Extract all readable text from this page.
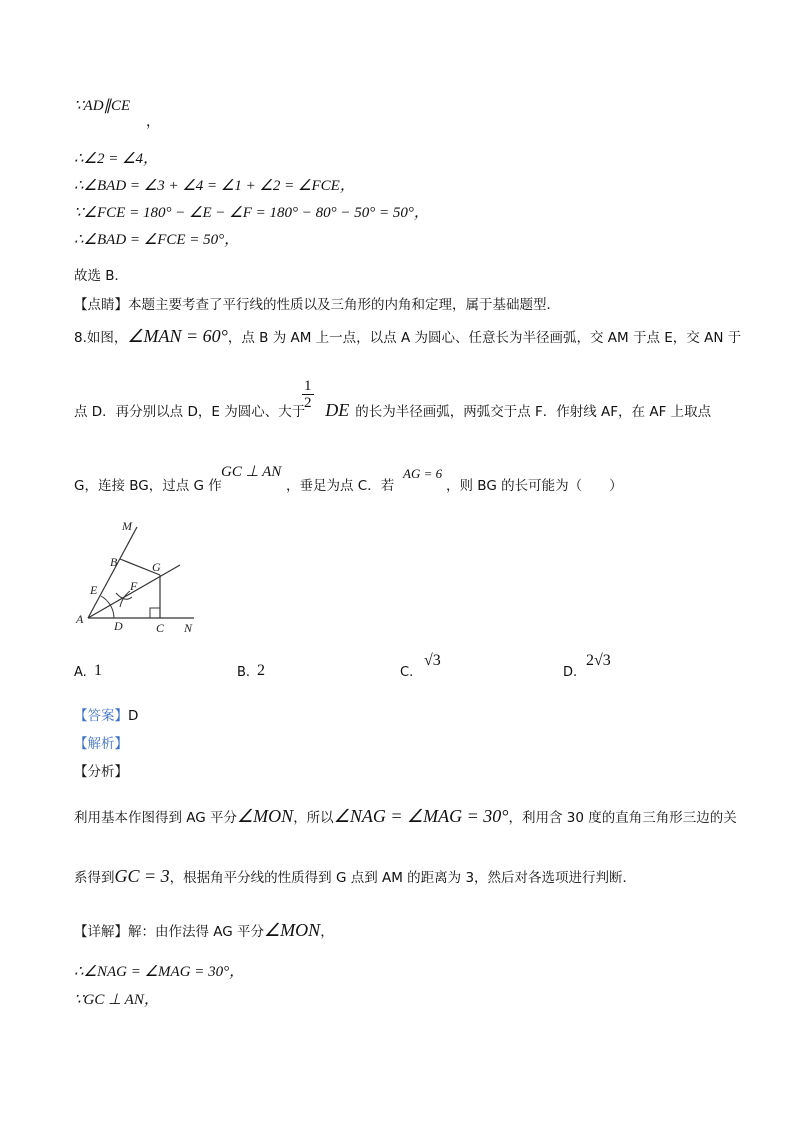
∵AD∥CE
，
∴∠2 = ∠4，
∴∠BAD = ∠3 + ∠4 = ∠1 + ∠2 = ∠FCE，
∵∠FCE = 180° − ∠E − ∠F = 180° − 80° − 50° = 50°，
∴∠BAD = ∠FCE = 50°，
故选 B．
【点睛】本题主要考查了平行线的性质以及三角形的内角和定理，属于基础题型．
8.如图，∠MAN = 60°，点 B 为 AM 上一点，以点 A 为圆心、任意长为半径画弧，交 AM 于点 E，交 AN 于
$\frac{1}{2}$
点 D．再分别以点 D，E 为圆心、大于 DE 的长为半径画弧，两弧交于点 F．作射线 AF，在 AF 上取点
G，连接 BG，过点 G 作
GC ⊥ AN
，垂足为点 C．若
AG = 6
，则 BG 的长可能为（　　）
M
B	G
F
E
A	D	C N
A. 1	B. 2	C.
√3
D.
2√3
【答案】D
【解析】
【分析】
利用基本作图得到 AG 平分∠MON，所以∠NAG = ∠MAG = 30°，利用含 30 度的直角三角形三边的关
系得到GC = 3，根据角平分线的性质得到 G 点到 AM 的距离为 3，然后对各选项进行判断．
【详解】解：由作法得 AG 平分∠MON，
∴∠NAG = ∠MAG = 30°，
∵GC ⊥ AN，
